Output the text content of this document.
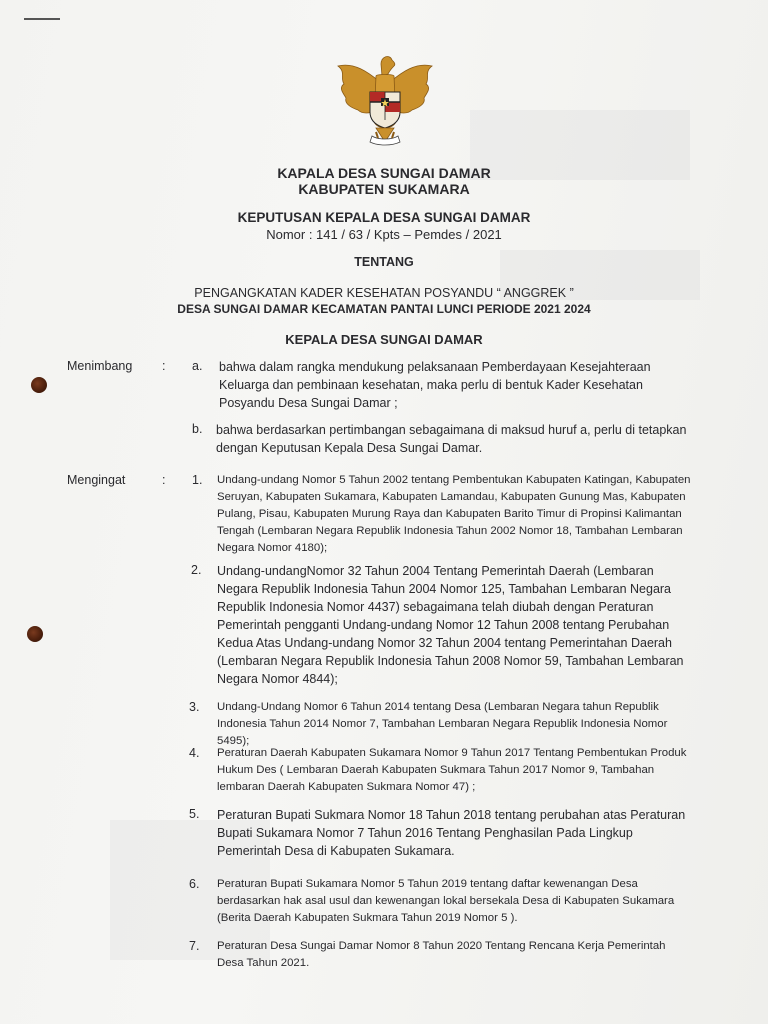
KAPALA DESA SUNGAI DAMAR
KABUPATEN SUKAMARA
KEPUTUSAN KEPALA DESA SUNGAI DAMAR
Nomor : 141 / 63 / Kpts – Pemdes / 2021
TENTANG
PENGANGKATAN KADER KESEHATAN POSYANDU “ ANGGREK ”
DESA SUNGAI DAMAR KECAMATAN PANTAI LUNCI PERIODE 2021 2024
KEPALA DESA SUNGAI DAMAR
Menimbang : a. bahwa dalam rangka mendukung pelaksanaan Pemberdayaan Kesejahteraan
Keluarga dan pembinaan kesehatan, maka perlu di bentuk Kader Kesehatan
Posyandu Desa Sungai Damar ;
b. bahwa berdasarkan pertimbangan sebagaimana di maksud huruf a, perlu di tetapkan
dengan Keputusan Kepala Desa Sungai Damar.
Mengingat	: 1. Undang-undang Nomor 5 Tahun 2002 tentang Pembentukan Kabupaten Katingan, Kabupaten
Seruyan, Kabupaten Sukamara, Kabupaten Lamandau, Kabupaten Gunung Mas, Kabupaten
Pulang, Pisau, Kabupaten Murung Raya dan Kabupaten Barito Timur di Propinsi Kalimantan
Tengah (Lembaran Negara Republik Indonesia Tahun 2002 Nomor 18, Tambahan Lembaran
Negara Nomor 4180);
2. Undang-undangNomor 32 Tahun 2004 Tentang Pemerintah Daerah (Lembaran
Negara Republik Indonesia Tahun 2004 Nomor 125, Tambahan Lembaran Negara
Republik Indonesia Nomor 4437) sebagaimana telah diubah dengan Peraturan
Pemerintah pengganti Undang-undang Nomor 12 Tahun 2008 tentang Perubahan
Kedua Atas Undang-undang Nomor 32 Tahun 2004 tentang Pemerintahan Daerah
(Lembaran Negara Republik Indonesia Tahun 2008 Nomor 59, Tambahan Lembaran
Negara Nomor 4844);
3. Undang-Undang Nomor 6 Tahun 2014 tentang Desa (Lembaran Negara tahun Republik
Indonesia Tahun 2014 Nomor 7, Tambahan Lembaran Negara Republik Indonesia Nomor
5495);
4. Peraturan Daerah Kabupaten Sukamara Nomor 9 Tahun 2017 Tentang Pembentukan Produk
Hukum Des ( Lembaran Daerah Kabupaten Sukmara Tahun 2017 Nomor 9, Tambahan
lembaran Daerah Kabupaten Sukmara Nomor 47) ;
5. Peraturan Bupati Sukmara Nomor 18 Tahun 2018 tentang perubahan atas Peraturan
Bupati Sukamara Nomor 7 Tahun 2016 Tentang Penghasilan Pada Lingkup
Pemerintah Desa di Kabupaten Sukamara.
6. Peraturan Bupati Sukamara Nomor 5 Tahun 2019 tentang daftar kewenangan Desa
berdasarkan hak asal usul dan kewenangan lokal bersekala Desa di Kabupaten Sukamara
(Berita Daerah Kabupaten Sukmara Tahun 2019 Nomor 5 ).
7. Peraturan Desa Sungai Damar Nomor 8 Tahun 2020 Tentang Rencana Kerja Pemerintah
Desa Tahun 2021.
